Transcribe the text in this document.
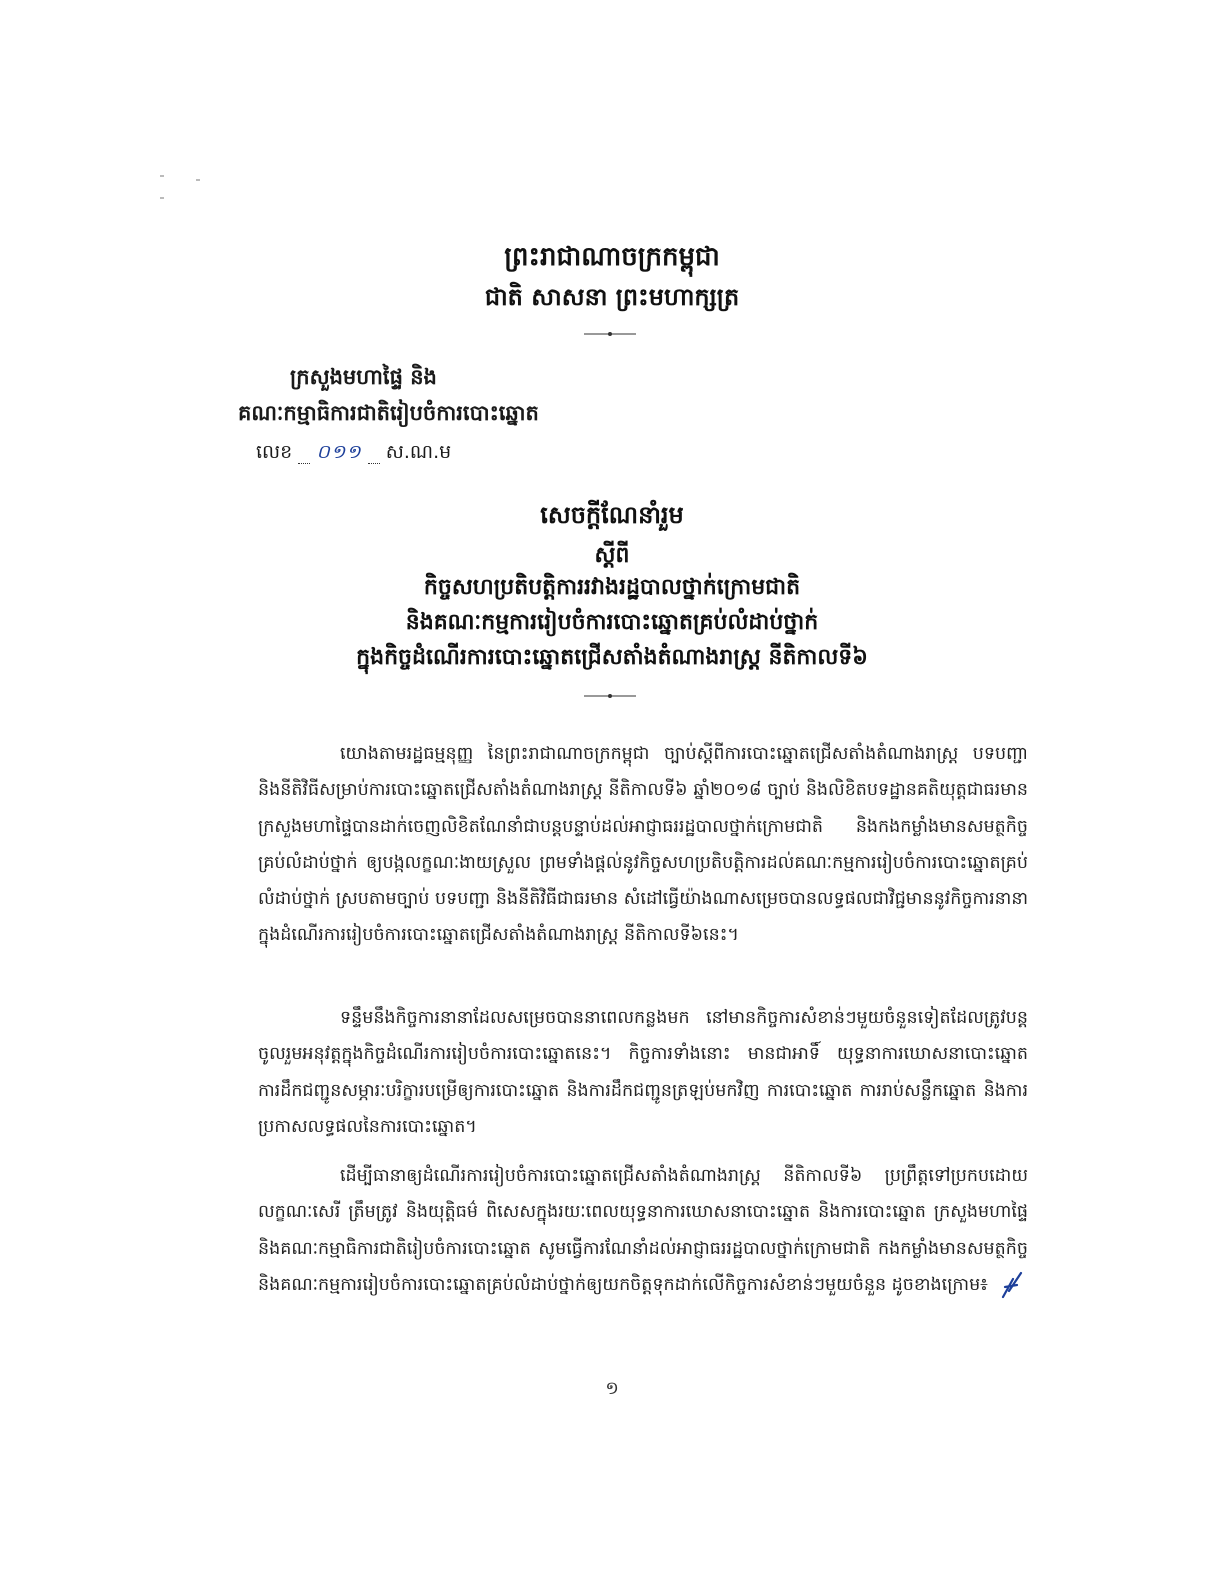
ព្រះរាជាណាចក្រកម្ពុជា
ជាតិ សាសនា ព្រះមហាក្សត្រ
ក្រសួងមហាផ្ទៃ និង
គណៈកម្មាធិការជាតិរៀបចំការបោះឆ្នោត
លេខ ០១១ ស.ណ.ម
សេចក្តីណែនាំរួម
ស្តីពី
កិច្ចសហប្រតិបត្តិការរវាងរដ្ឋបាលថ្នាក់ក្រោមជាតិ
និងគណៈកម្មការរៀបចំការបោះឆ្នោតគ្រប់លំដាប់ថ្នាក់
ក្នុងកិច្ចដំណើរការបោះឆ្នោតជ្រើសតាំងតំណាងរាស្ត្រ នីតិកាលទី៦
យោងតាមរដ្ឋធម្មនុញ្ញ នៃព្រះរាជាណាចក្រកម្ពុជា ច្បាប់ស្តីពីការបោះឆ្នោតជ្រើសតាំងតំណាងរាស្ត្រ បទបញ្ជា និងនីតិវិធីសម្រាប់ការបោះឆ្នោតជ្រើសតាំងតំណាងរាស្ត្រ នីតិកាលទី៦ ឆ្នាំ២០១៨ ច្បាប់ និងលិខិតបទដ្ឋានគតិយុត្តជាធរមាន ក្រសួងមហាផ្ទៃបានដាក់ចេញលិខិតណែនាំជាបន្តបន្ទាប់ដល់អាជ្ញាធររដ្ឋបាលថ្នាក់ក្រោមជាតិ និងកងកម្លាំងមានសមត្ថកិច្ចគ្រប់លំដាប់ថ្នាក់ ឲ្យបង្កលក្ខណៈងាយស្រួល ព្រមទាំងផ្តល់នូវកិច្ចសហប្រតិបត្តិការដល់គណៈកម្មការរៀបចំការបោះឆ្នោតគ្រប់លំដាប់ថ្នាក់ ស្របតាមច្បាប់ បទបញ្ជា និងនីតិវិធីជាធរមាន សំដៅធ្វើយ៉ាងណាសម្រេចបានលទ្ធផលជាវិជ្ជមាននូវកិច្ចការនានាក្នុងដំណើរការរៀបចំការបោះឆ្នោតជ្រើសតាំងតំណាងរាស្ត្រ នីតិកាលទី៦នេះ។
ទន្ទឹមនឹងកិច្ចការនានាដែលសម្រេចបាននាពេលកន្លងមក នៅមានកិច្ចការសំខាន់ៗមួយចំនួនទៀតដែលត្រូវបន្តចូលរួមអនុវត្តក្នុងកិច្ចដំណើរការរៀបចំការបោះឆ្នោតនេះ។ កិច្ចការទាំងនោះ មានជាអាទិ៍ យុទ្ធនាការឃោសនាបោះឆ្នោត ការដឹកជញ្ជូនសម្ភារៈបរិក្ខារបម្រើឲ្យការបោះឆ្នោត និងការដឹកជញ្ជូនត្រឡប់មកវិញ ការបោះឆ្នោត ការរាប់សន្លឹកឆ្នោត និងការប្រកាសលទ្ធផលនៃការបោះឆ្នោត។
ដើម្បីធានាឲ្យដំណើរការរៀបចំការបោះឆ្នោតជ្រើសតាំងតំណាងរាស្ត្រ នីតិកាលទី៦ ប្រព្រឹត្តទៅប្រកបដោយលក្ខណៈសេរី ត្រឹមត្រូវ និងយុត្តិធម៌ ពិសេសក្នុងរយៈពេលយុទ្ធនាការឃោសនាបោះឆ្នោត និងការបោះឆ្នោត ក្រសួងមហាផ្ទៃ និងគណៈកម្មាធិការជាតិរៀបចំការបោះឆ្នោត សូមធ្វើការណែនាំដល់អាជ្ញាធររដ្ឋបាលថ្នាក់ក្រោមជាតិ កងកម្លាំងមានសមត្ថកិច្ច និងគណៈកម្មការរៀបចំការបោះឆ្នោតគ្រប់លំដាប់ថ្នាក់ឲ្យយកចិត្តទុកដាក់លើកិច្ចការសំខាន់ៗមួយចំនួន ដូចខាងក្រោម៖
១
